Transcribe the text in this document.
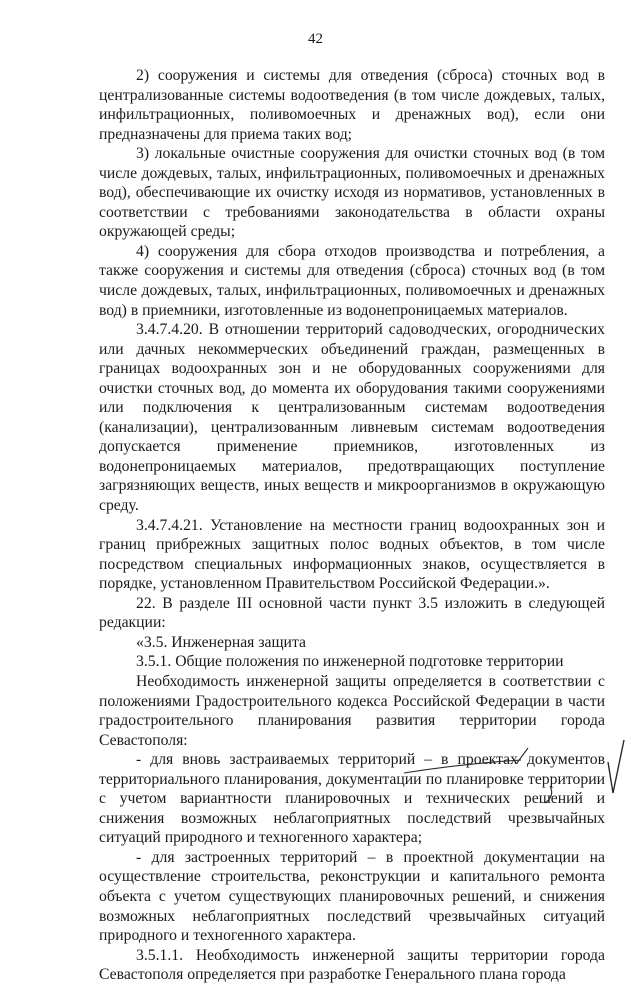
42

2) сооружения и системы для отведения (сброса) сточных вод в централизованные системы водоотведения (в том числе дождевых, талых, инфильтрационных, поливомоечных и дренажных вод), если они предназначены для приема таких вод;

3) локальные очистные сооружения для очистки сточных вод (в том числе дождевых, талых, инфильтрационных, поливомоечных и дренажных вод), обеспечивающие их очистку исходя из нормативов, установленных в соответствии с требованиями законодательства в области охраны окружающей среды;

4) сооружения для сбора отходов производства и потребления, а также сооружения и системы для отведения (сброса) сточных вод (в том числе дождевых, талых, инфильтрационных, поливомоечных и дренажных вод) в приемники, изготовленные из водонепроницаемых материалов.

3.4.7.4.20. В отношении территорий садоводческих, огороднических или дачных некоммерческих объединений граждан, размещенных в границах водоохранных зон и не оборудованных сооружениями для очистки сточных вод, до момента их оборудования такими сооружениями или подключения к централизованным системам водоотведения (канализации), централизованным ливневым системам водоотведения допускается применение приемников, изготовленных из водонепроницаемых материалов, предотвращающих поступление загрязняющих веществ, иных веществ и микроорганизмов в окружающую среду.

3.4.7.4.21. Установление на местности границ водоохранных зон и границ прибрежных защитных полос водных объектов, в том числе посредством специальных информационных знаков, осуществляется в порядке, установленном Правительством Российской Федерации.».

22. В разделе III основной части пункт 3.5 изложить в следующей редакции:

«3.5. Инженерная защита

3.5.1. Общие положения по инженерной подготовке территории

Необходимость инженерной защиты определяется в соответствии с положениями Градостроительного кодекса Российской Федерации в части градостроительного планирования развития территории города Севастополя:

- для вновь застраиваемых территорий – в проектах документов территориального планирования, документации по планировке территории с учетом вариантности планировочных и технических решений и снижения возможных неблагоприятных последствий чрезвычайных ситуаций природного и техногенного характера;

- для застроенных территорий – в проектной документации на осуществление строительства, реконструкции и капитального ремонта объекта с учетом существующих планировочных решений, и снижения возможных неблагоприятных последствий чрезвычайных ситуаций природного и техногенного характера.

3.5.1.1. Необходимость инженерной защиты территории города Севастополя определяется при разработке Генерального плана города
